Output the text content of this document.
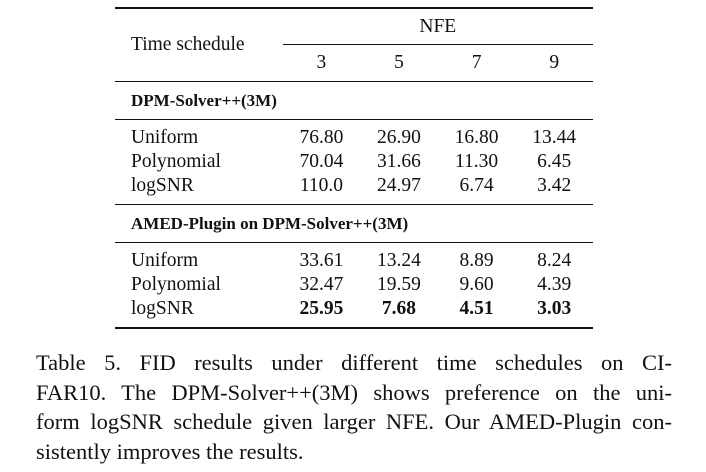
Time schedule	NFE			

	3	5	7	9
DPM-Solver++(3M)				
Uniform	76.80	26.90	16.80	13.44
Polynomial	70.04	31.66	11.30	6.45
logSNR	110.0	24.97	6.74	3.42
AMED-Plugin on DPM-Solver++(3M)				
Uniform	33.61	13.24	8.89	8.24
Polynomial	32.47	19.59	9.60	4.39
logSNR	25.95	7.68	4.51	3.03
Table 5. FID results under different time schedules on CI-
FAR10. The DPM-Solver++(3M) shows preference on the uni-
form logSNR schedule given larger NFE. Our AMED-Plugin con-
sistently improves the results.
